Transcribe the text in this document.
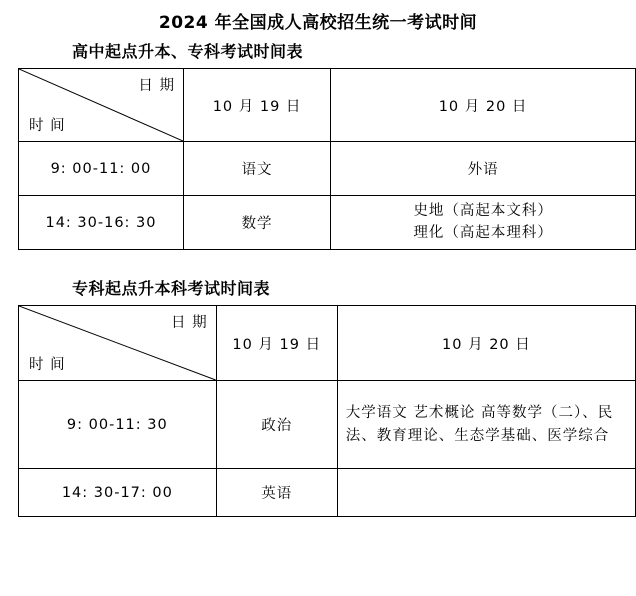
2024 年全国成人高校招生统一考试时间
高中起点升本、专科考试时间表
日 期
时 间	10 月 19 日	10 月 20 日
9: 00-11: 00	语文	外语
14: 30-16: 30	数学	史地（高起本文科）
理化（高起本理科）
专科起点升本科考试时间表
日 期
时 间	10 月 19 日	10 月 20 日
9: 00-11: 30	政治	大学语文 艺术概论 高等数学（二）、民法、教育理论、生态学基础、医学综合
14: 30-17: 00	英语	
